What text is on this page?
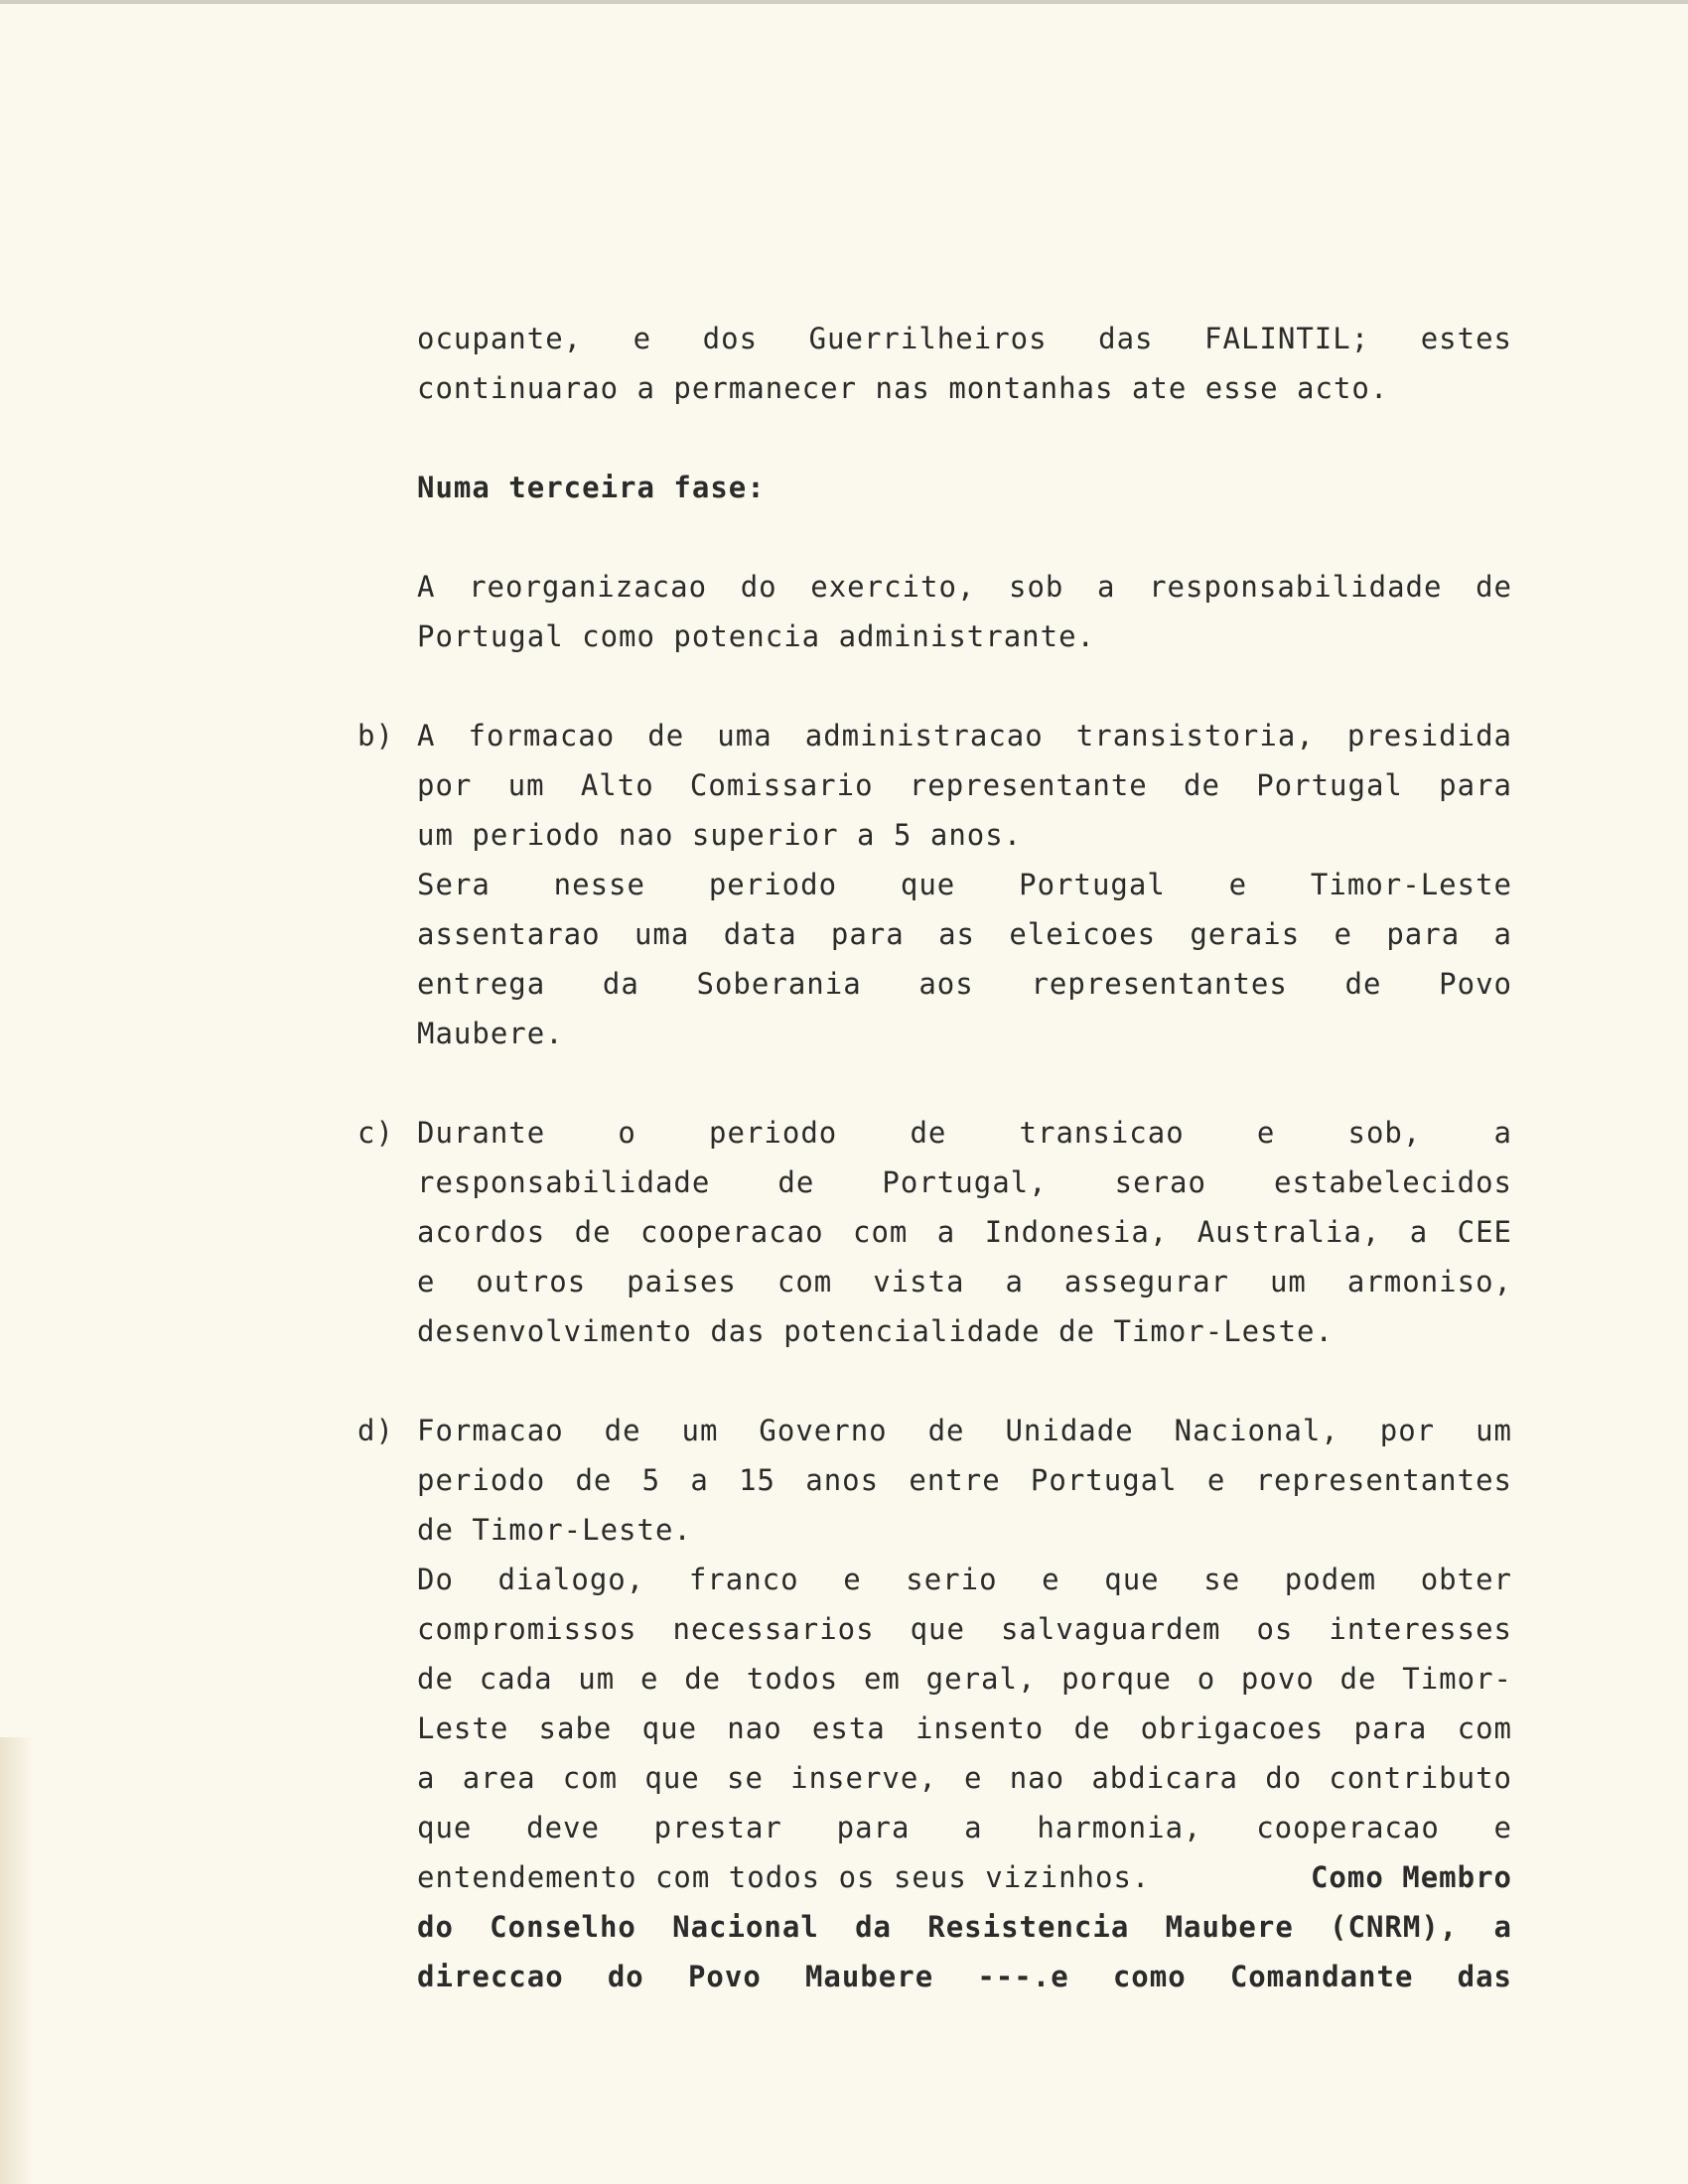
ocupante, e dos Guerrilheiros das FALINTIL; estes
continuarao a permanecer nas montanhas ate esse acto.
Numa terceira fase:
A reorganizacao do exercito, sob a responsabilidade de
Portugal como potencia administrante.
b) A formacao de uma administracao transistoria, presidida
por um Alto Comissario representante de Portugal para
um periodo nao superior a 5 anos.
Sera nesse periodo que Portugal e Timor-Leste
assentarao uma data para as eleicoes gerais e para a
entrega da Soberania aos representantes de Povo
Maubere.
c) Durante o periodo de transicao e sob, a
responsabilidade de Portugal, serao estabelecidos
acordos de cooperacao com a Indonesia, Australia, a CEE
e outros paises com vista a assegurar um armoniso,
desenvolvimento das potencialidade de Timor-Leste.
d) Formacao de um Governo de Unidade Nacional, por um
periodo de 5 a 15 anos entre Portugal e representantes
de Timor-Leste.
Do dialogo, franco e serio e que se podem obter
compromissos necessarios que salvaguardem os interesses
de cada um e de todos em geral, porque o povo de Timor-
Leste sabe que nao esta insento de obrigacoes para com
a area com que se inserve, e nao abdicara do contributo
que deve prestar para a harmonia, cooperacao e
entendemento com todos os seus vizinhos.	Como Membro
do Conselho Nacional da Resistencia Maubere (CNRM), a
direccao do Povo Maubere ---.e como Comandante das
